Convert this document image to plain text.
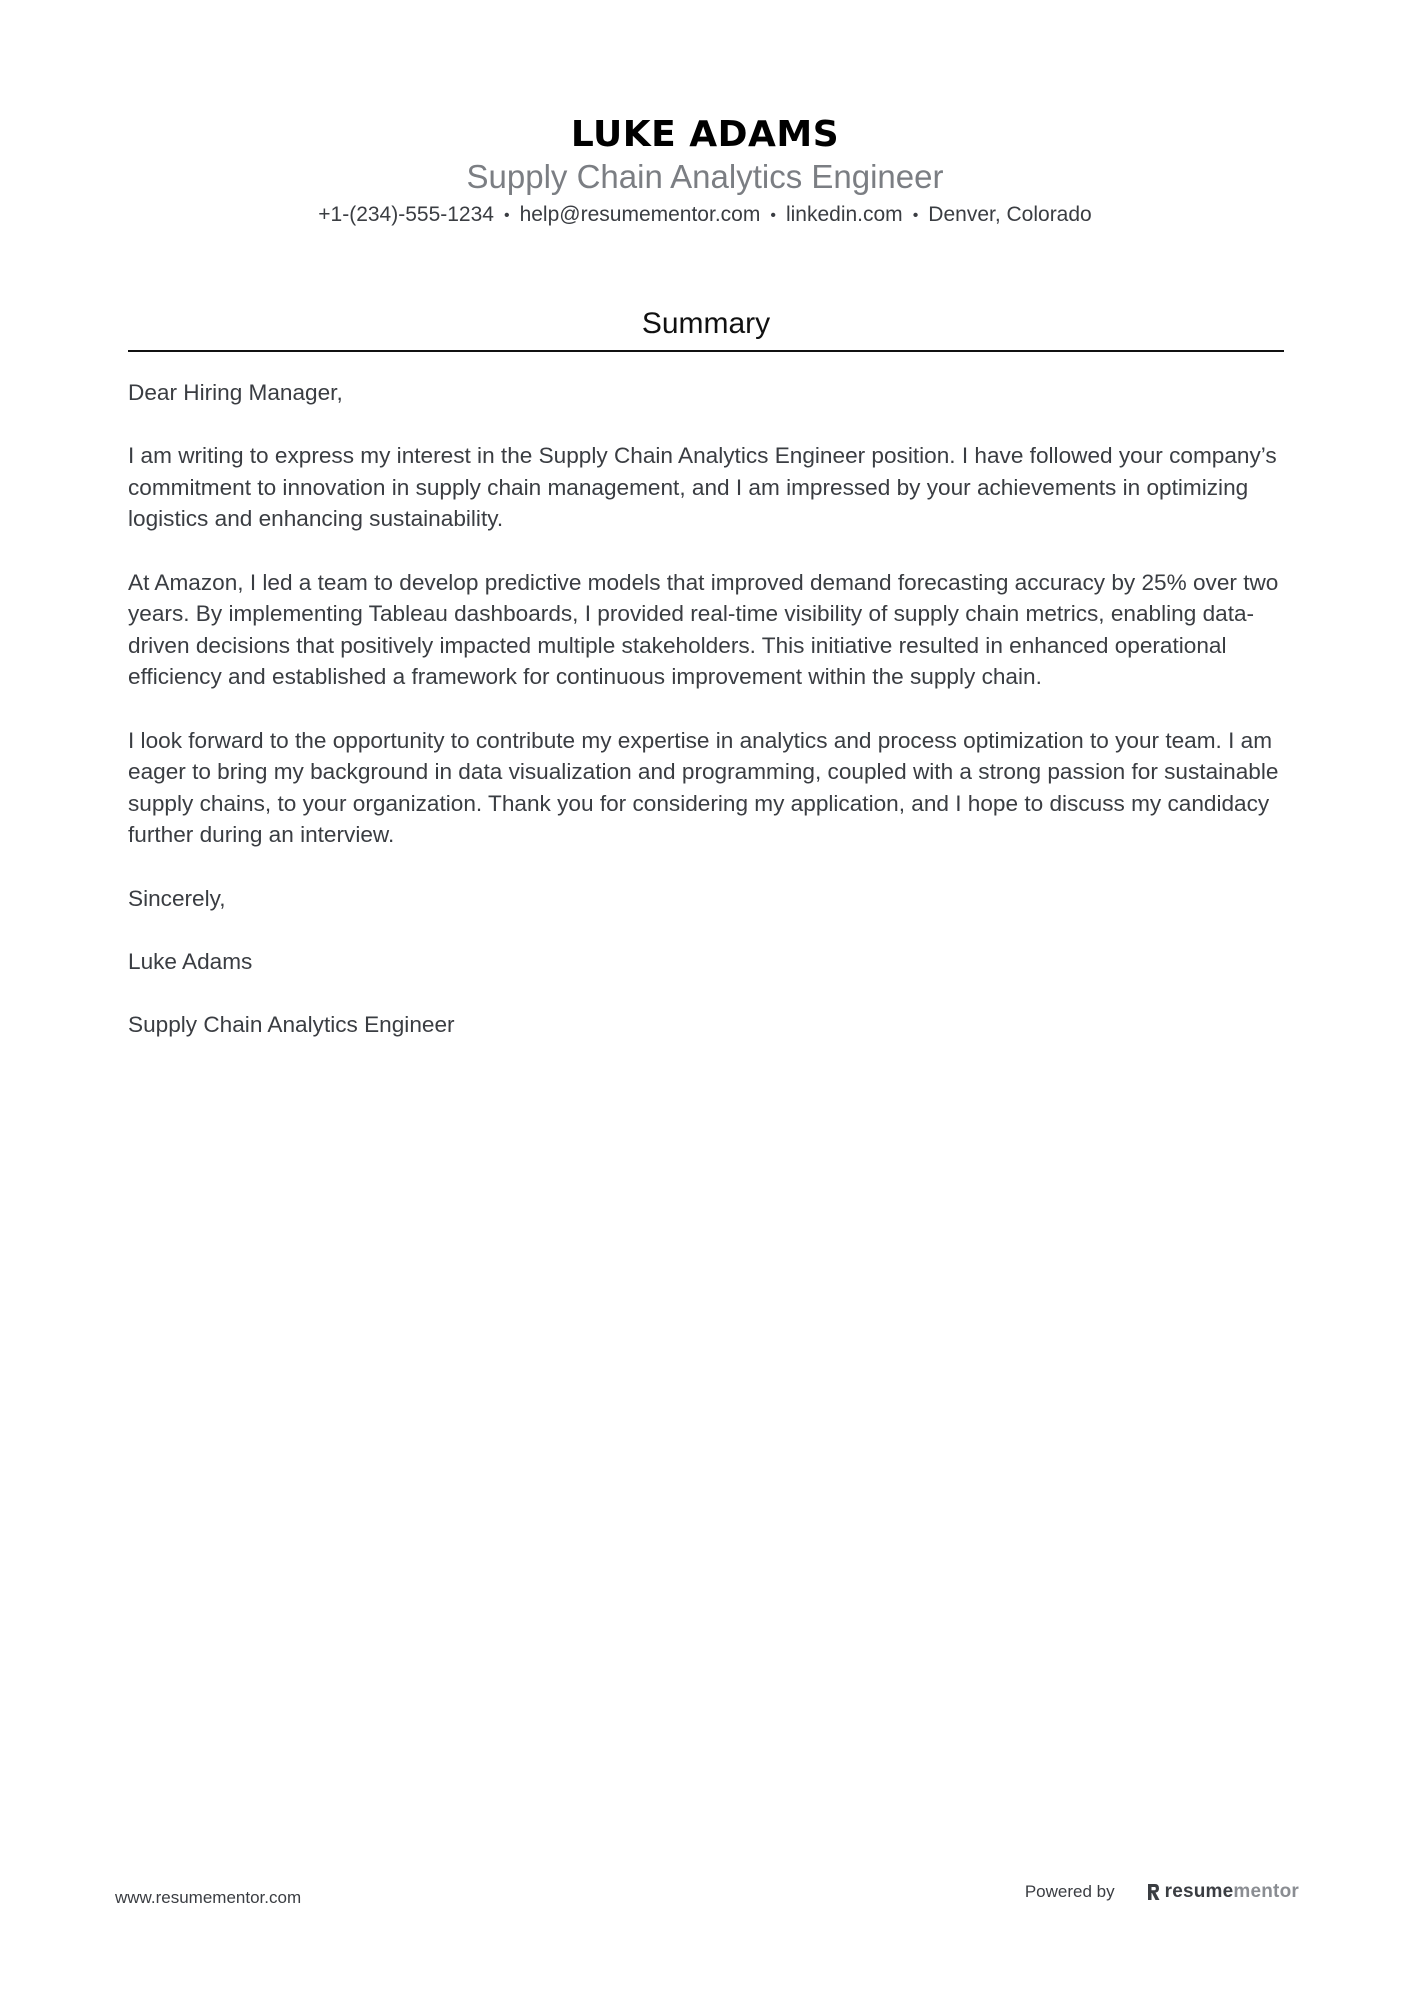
LUKE ADAMS
Supply Chain Analytics Engineer
+1-(234)-555-1234 • help@resumementor.com • linkedin.com • Denver, Colorado
Summary

Dear Hiring Manager,

I am writing to express my interest in the Supply Chain Analytics Engineer position. I have followed your company’s commitment to innovation in supply chain management, and I am impressed by your achievements in optimizing logistics and enhancing sustainability.

At Amazon, I led a team to develop predictive models that improved demand forecasting accuracy by 25% over two years. By implementing Tableau dashboards, I provided real-time visibility of supply chain metrics, enabling data-driven decisions that positively impacted multiple stakeholders. This initiative resulted in enhanced operational efficiency and established a framework for continuous improvement within the supply chain.

I look forward to the opportunity to contribute my expertise in analytics and process optimization to your team. I am eager to bring my background in data visualization and programming, coupled with a strong passion for sustainable supply chains, to your organization. Thank you for considering my application, and I hope to discuss my candidacy further during an interview.

Sincerely,

Luke Adams

Supply Chain Analytics Engineer

www.resumementor.com	Powered by	resumementor
